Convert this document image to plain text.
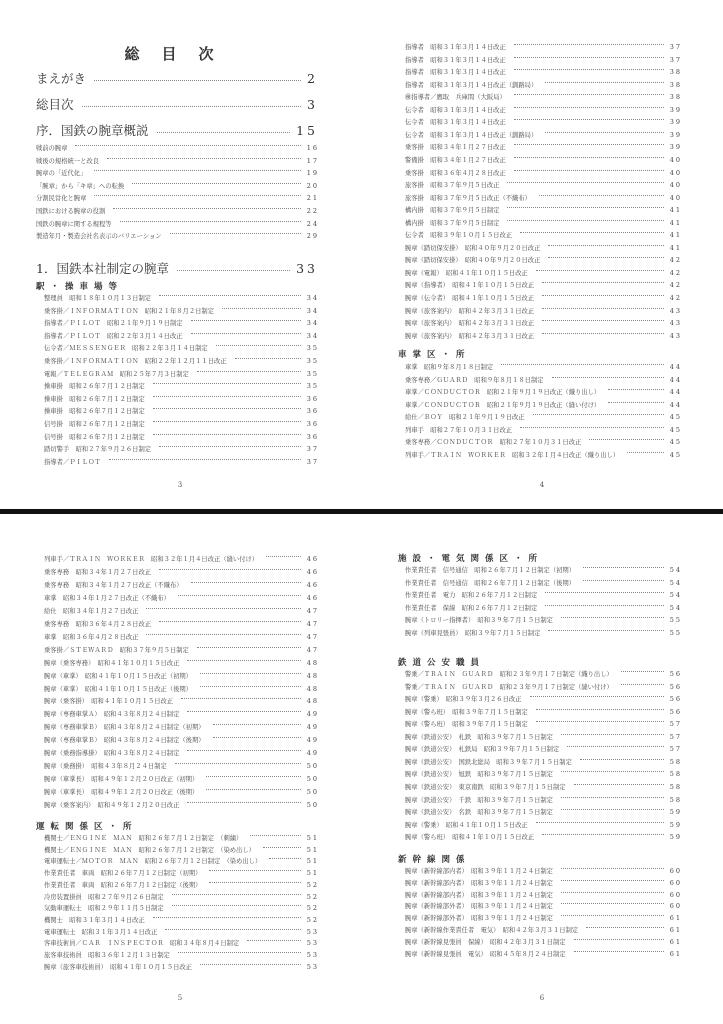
総目次
まえがき	2
総目次	3
序．国鉄の腕章概説	15
戦前の腕章	16
戦後の規格統一と改良	17
腕章の「近代化」	19
「腕章」から「キ章」への転換	20
分割民営化と腕章	21
国鉄における腕章の役割	22
国鉄の腕章に関する規程等	24
製造年月・製造会社名表示のバリエーション	29
1．国鉄本社制定の腕章	33
駅・操車場等
整理員　昭和１８年１０月１３日制定	34
乗客掛／ＩＮＦＯＲＭＡＴＩＯＮ　昭和２１年８月２日制定	34
指導者／ＰＩＬＯＴ　昭和２１年９月１９日制定	34
指導者／ＰＩＬＯＴ　昭和２２年３月１４日改正	34
伝令者／ＭＥＳＳＥＮＧＥＲ　昭和２２年３月１４日制定	35
乗客掛／ＩＮＦＯＲＭＡＴＩＯＮ　昭和２２年１２月１１日改正	35
電報／ＴＥＬＥＧＲＡＭ　昭和２５年７月３日制定	35
操車掛　昭和２６年７月１２日制定	35
操車掛　昭和２６年７月１２日制定	36
操車掛　昭和２６年７月１２日制定	36
信号掛　昭和２６年７月１２日制定	36
信号掛　昭和２６年７月１２日制定	36
踏切警手　昭和２７年９月２６日制定	37
指導者／ＰＩＬＯＴ	37
3
指導者　昭和３１年３月１４日改正	37
指導者　昭和３１年３月１４日改正	37
指導者　昭和３１年３月１４日改正	38
指導者　昭和３１年３月１４日改正（釧路局）	38
㊝指導者／鷹取　兵庫間（大阪局）	38
伝令者　昭和３１年３月１４日改正	39
伝令者　昭和３１年３月１４日改正	39
伝令者　昭和３１年３月１４日改正（釧路局）	39
乗客掛　昭和３４年１月２７日改正	39
警備掛　昭和３４年１月２７日改正	40
乗客掛　昭和３６年４月２８日改正	40
旅客掛　昭和３７年９月５日改正	40
旅客掛　昭和３７年９月５日改正（不織布）	40
構内掛　昭和３７年９月５日制定	41
構内掛　昭和３７年９月５日制定	41
伝令者　昭和３９年１０月１５日改正	41
腕章（踏切保安掛）　昭和４０年９月２０日改正	41
腕章（踏切保安掛）　昭和４０年９月２０日改正	42
腕章（電報）　昭和４１年１０月１５日改正	42
腕章（指導者）　昭和４１年１０月１５日改正	42
腕章（伝令者）　昭和４１年１０月１５日改正	42
腕章（旅客案内）　昭和４２年３月３１日改正	43
腕章（旅客案内）　昭和４２年３月３１日改正	43
腕章（旅客案内）　昭和４２年３月３１日改正	43
車掌区・所
車掌　昭和９年８月１８日制定	44
乗客専務／ＧＵＡＲＤ　昭和９年８月１８日制定	44
車掌／ＣＯＮＤＵＣＴＯＲ　昭和２１年９月１９日改正（織り出し）	44
車掌／ＣＯＮＤＵＣＴＯＲ　昭和２１年９月１９日改正（縫い付け）	44
給仕／ＢＯＹ　昭和２１年９月１９日改正	45
列車手　昭和２７年１０月３１日改正	45
乗客専務／ＣＯＮＤＵＣＴＯＲ　昭和２７年１０月３１日改正	45
列車手／ＴＲＡＩＮ　ＷＯＲＫＥＲ　昭和３２年１月４日改正（織り出し）	45
4
列車手／ＴＲＡＩＮ　ＷＯＲＫＥＲ　昭和３２年１月４日改正（縫い付け）	46
乗客専務　昭和３４年１月２７日改正	46
乗客専務　昭和３４年１月２７日改正（不織布）	46
車掌　昭和３４年１月２７日改正（不織布）	46
給仕　昭和３４年１月２７日改正	47
乗客専務　昭和３６年４月２８日改正	47
車掌　昭和３６年４月２８日改正	47
乗客掛／ＳＴＥＷＡＲＤ　昭和３７年９月５日制定	47
腕章（乗客専務）　昭和４１年１０月１５日改正	48
腕章（車掌）　昭和４１年１０月１５日改正（初期）	48
腕章（車掌）　昭和４１年１０月１５日改正（後期）	48
腕章（乗客掛）　昭和４１年１０月１５日改正	48
腕章（専務車掌Ａ）　昭和４３年８月２４日制定	49
腕章（専務車掌Ｂ）　昭和４３年８月２４日制定（初期）	49
腕章（専務車掌Ｂ）　昭和４３年８月２４日制定（後期）	49
腕章（乗務指導掛）　昭和４３年８月２４日制定	49
腕章（乗務掛）　昭和４３年８月２４日制定	50
腕章（車掌長）　昭和４９年１２月２０日改正（初期）	50
腕章（車掌長）　昭和４９年１２月２０日改正（後期）	50
腕章（乗客案内）　昭和４９年１２月２０日改正	50
運転関係区・所
機関士／ＥＮＧＩＮＥ　ＭＡＮ　昭和２６年７月１２日制定　（刺繍）	51
機関士／ＥＮＧＩＮＥ　ＭＡＮ　昭和２６年７月１２日制定　（染め出し）	51
電車運転士／ＭＯＴＯＲ　ＭＡＮ　昭和２６年７月１２日制定　（染め出し）	51
作業責任者　車両　昭和２６年７月１２日制定（初期）	51
作業責任者　車両　昭和２６年７月１２日制定（後期）	52
冷房装置掛員　昭和２７年９月２６日制定	52
気動車運転士　昭和２９年１１月５日制定	52
機関士　昭和３１年３月１４日改正	52
電車運転士　昭和３１年３月１４日改正	53
客車技術員／ＣＡＲ　ＩＮＳＰＥＣＴＯＲ　昭和３４年８月４日制定	53
旅客車技術員　昭和３６年１２月１３日制定	53
腕章（旅客車技術員）　昭和４１年１０月１５日改正	53
5
施設・電気関係区・所
作業責任者　信号通信　昭和２６年７月１２日制定（初期）	54
作業責任者　信号通信　昭和２６年７月１２日制定（後期）	54
作業責任者　電力　昭和２６年７月１２日制定	54
作業責任者　保線　昭和２６年７月１２日制定	54
腕章（トロリー指揮者）　昭和３９年７月１５日制定	55
腕章（列車見張員）　昭和３９年７月１５日制定	55
鉄道公安職員
警乗／ＴＲＡＩＮ　ＧＵＡＲＤ　昭和２３年９月１７日制定（織り出し）	56
警乗／ＴＲＡＩＮ　ＧＵＡＲＤ　昭和２３年９月１７日制定（縫い付け）	56
腕章（警乗）　昭和３９年３月２６日改正	56
腕章（警ら班）　昭和３９年７月１５日制定	56
腕章（警ら班）　昭和３９年７月１５日制定	57
腕章（鉄道公安）　札鉄　昭和３９年７月１５日制定	57
腕章（鉄道公安）　札鉄局　昭和３９年７月１５日制定	57
腕章（鉄道公安）　国鉄北総局　昭和３９年７月１５日制定	58
腕章（鉄道公安）　旭鉄　昭和３９年７月１５日制定	58
腕章（鉄道公安）　東京南鉄　昭和３９年７月１５日制定	58
腕章（鉄道公安）　千鉄　昭和３９年７月１５日制定	58
腕章（鉄道公安）　名鉄　昭和３９年７月１５日制定	59
腕章（警乗）　昭和４１年１０月１５日改正	59
腕章（警ら班）　昭和４１年１０月１５日改正	59
新幹線関係
腕章（新幹線部内者）　昭和３９年１１月２４日制定	60
腕章（新幹線部内者）　昭和３９年１１月２４日制定	60
腕章（新幹線部内者）　昭和３９年１１月２４日制定	60
腕章（新幹線部外者）　昭和３９年１１月２４日制定	60
腕章（新幹線部外者）　昭和３９年１１月２４日制定	61
腕章（新幹線作業責任者　電気）　昭和４２年３月３１日制定	61
腕章（新幹線見張員　保線）　昭和４２年３月３１日制定	61
腕章（新幹線見張員　電気）　昭和４５年８月２４日制定	61
6
